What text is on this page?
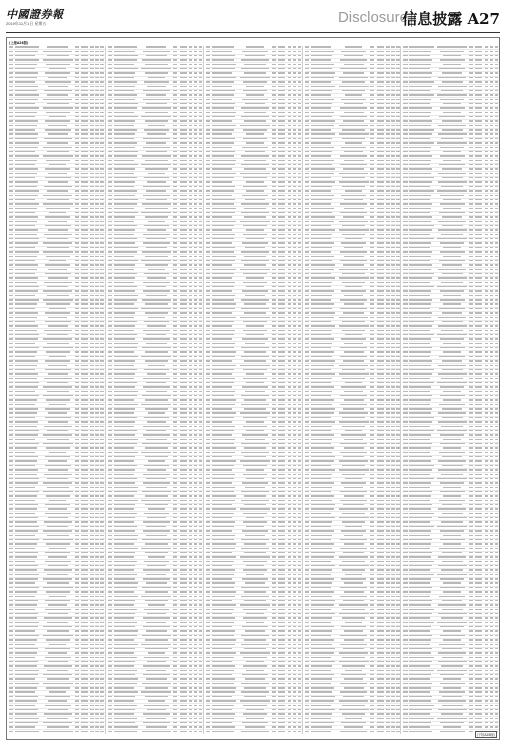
中國證券報
2019年11月1日 星期五	Disclosure
信息披露 A27
(上接A26版)
(下转A28版)
